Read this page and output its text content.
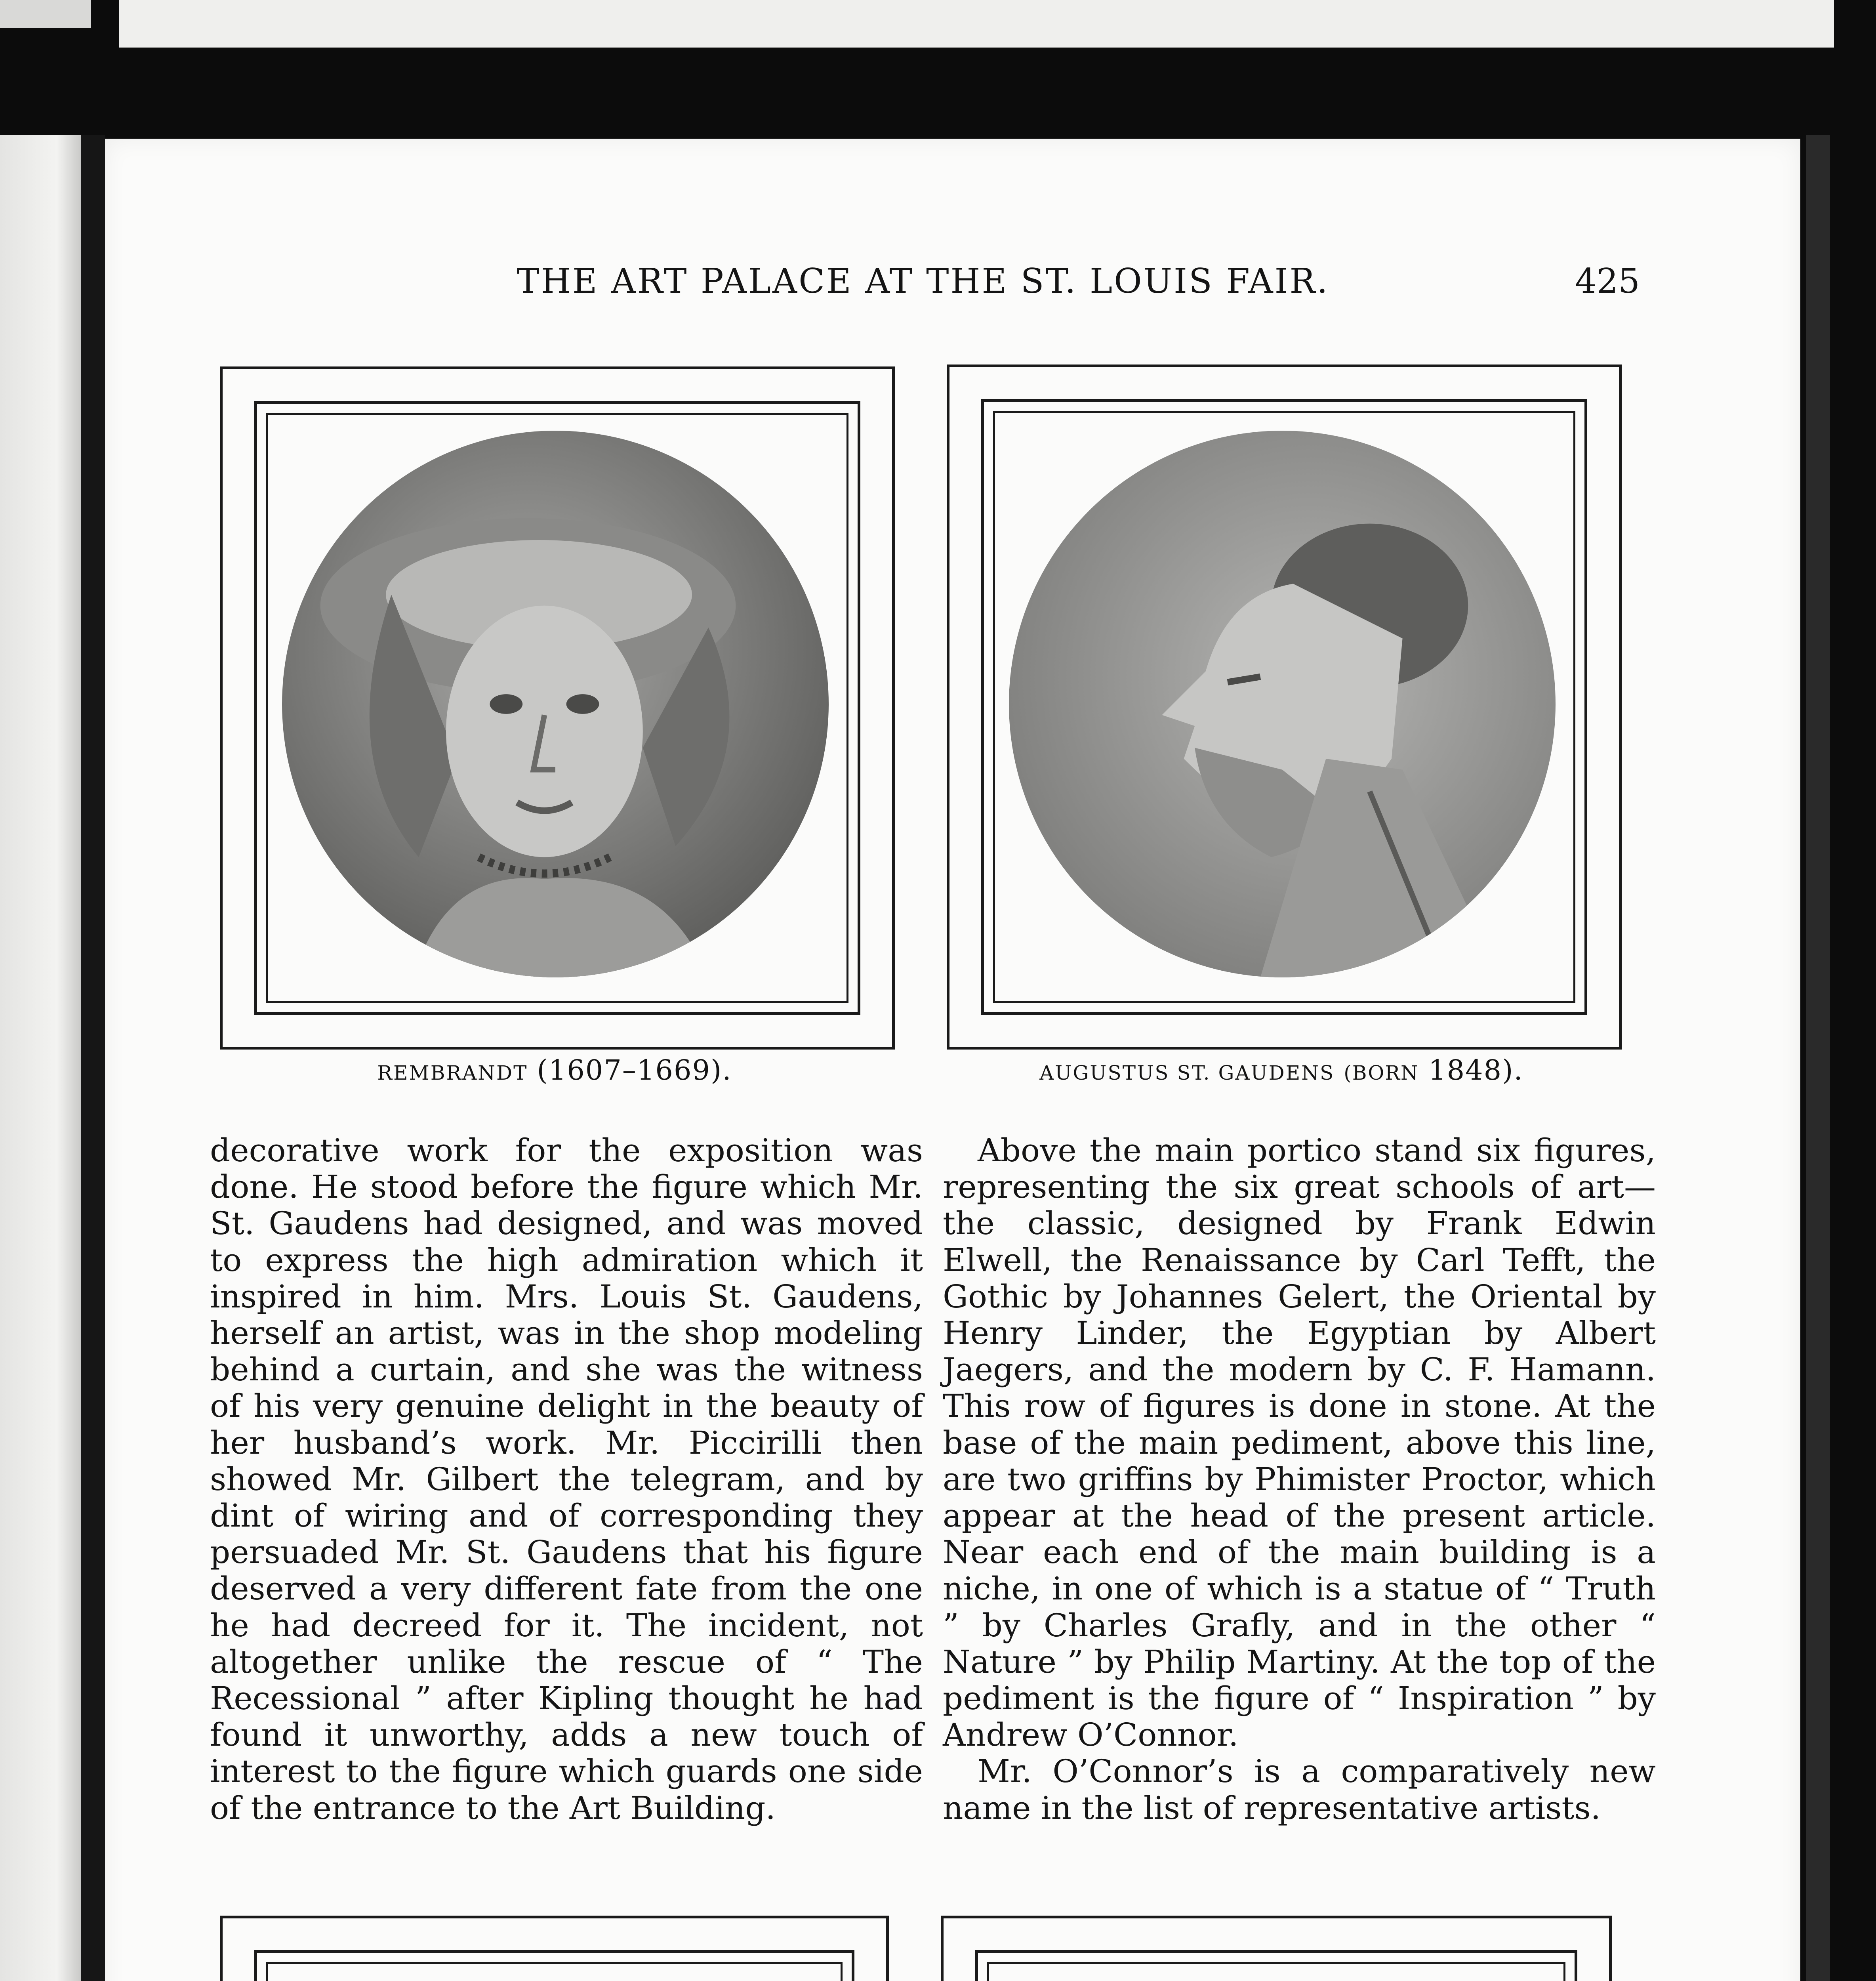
THE ART PALACE AT THE ST. LOUIS FAIR.	425
REMBRANDT (1607–1669).	AUGUSTUS ST. GAUDENS (BORN 1848).

decorative work for the exposition was done. He stood before the figure which Mr. St. Gaudens had designed, and was moved to express the high admiration which it inspired in him. Mrs. Louis St. Gaudens, herself an artist, was in the shop modeling behind a curtain, and she was the witness of his very genuine delight in the beauty of her husband’s work. Mr. Piccirilli then showed Mr. Gilbert the telegram, and by dint of wiring and of corresponding they persuaded Mr. St. Gaudens that his figure deserved a very different fate from the one he had decreed for it. The incident, not altogether unlike the rescue of “ The Recessional ” after Kipling thought he had found it unworthy, adds a new touch of interest to the figure which guards one side of the entrance to the Art Building.

Above the main portico stand six figures, representing the six great schools of art—the classic, designed by Frank Edwin Elwell, the Renaissance by Carl Tefft, the Gothic by Johannes Gelert, the Oriental by Henry Linder, the Egyptian by Albert Jaegers, and the modern by C. F. Hamann. This row of figures is done in stone. At the base of the main pediment, above this line, are two griffins by Phimister Proctor, which appear at the head of the present article. Near each end of the main building is a niche, in one of which is a statue of “ Truth ” by Charles Grafly, and in the other “ Nature ” by Philip Martiny. At the top of the pediment is the figure of “ Inspiration ” by Andrew O’Connor.

Mr. O’Connor’s is a comparatively new name in the list of representative artists.
